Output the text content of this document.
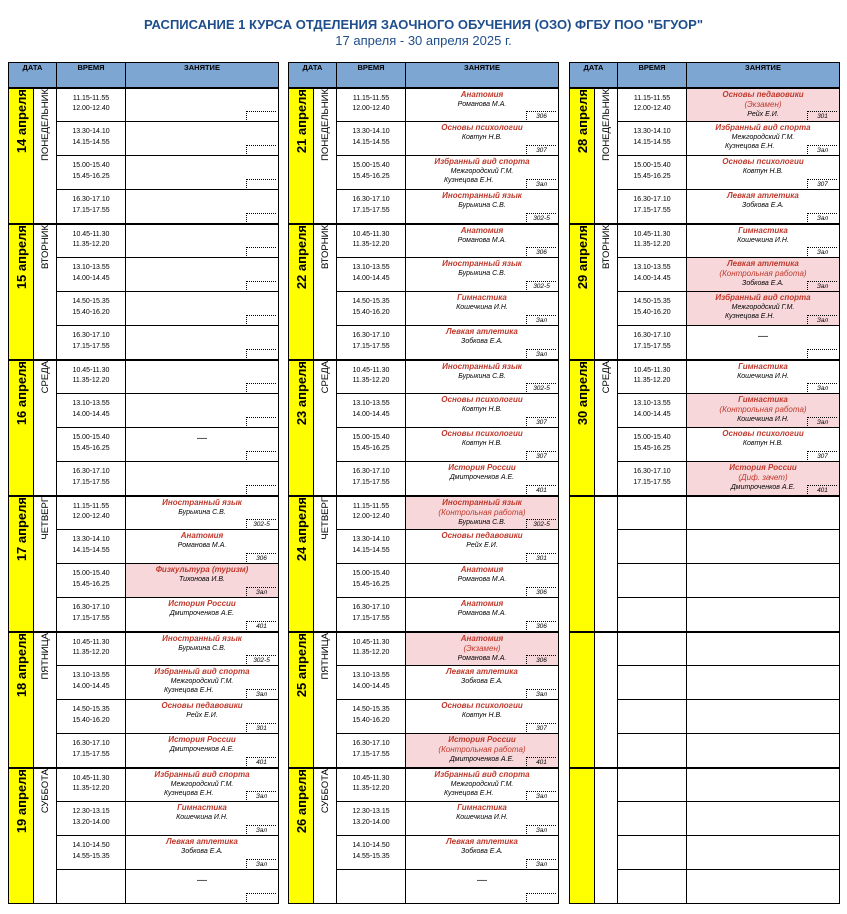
РАСПИСАНИЕ 1 КУРСА ОТДЕЛЕНИЯ ЗАОЧНОГО ОБУЧЕНИЯ (ОЗО) ФГБУ ПОО "БГУОР"
17 апреля - 30 апреля 2025 г.
ДАТА		ВРЕМЯ	ЗАНЯТИЕ
14 апреля	ПОНЕДЕЛЬНИК	11.15-11.55
12.00-12.40	

		13.30-14.10
14.15-14.55	

		15.00-15.40
15.45-16.25	

		16.30-17.10
17.15-17.55	

15 апреля	ВТОРНИК	10.45-11.30
11.35-12.20	

		13.10-13.55
14.00-14.45	

		14.50-15.35
15.40-16.20	

		16.30-17.10
17.15-17.55	

16 апреля	СРЕДА	10.45-11.30
11.35-12.20	

		13.10-13.55
14.00-14.45	

		15.00-15.40
15.45-16.25	—

		16.30-17.10
17.15-17.55	

17 апреля	ЧЕТВЕРГ	11.15-11.55
12.00-12.40	Иностранный язык
Бурыкина С.В.
302-5

		13.30-14.10
14.15-14.55	Анатомия
Романова М.А.
306

		15.00-15.40
15.45-16.25	Физкультура (туризм)
Тихонова И.В.
Зал

		16.30-17.10
17.15-17.55	История России
Дмитроченков А.Е.
401

18 апреля	ПЯТНИЦА	10.45-11.30
11.35-12.20	Иностранный язык
Бурыкина С.В.
302-5

		13.10-13.55
14.00-14.45	Избранный вид спорта
Межгородский Г.М.
Кузнецова Е.Н.
Зал

		14.50-15.35
15.40-16.20	Основы педавовики
Рейх Е.И.
301

		16.30-17.10
17.15-17.55	История России
Дмитроченков А.Е.
401

19 апреля	СУББОТА	10.45-11.30
11.35-12.20	Избранный вид спорта
Межгородский Г.М.
Кузнецова Е.Н. Зал

		12.30-13.15
13.20-14.00	Гимнастика
Кошечкина И.Н.
Зал

		14.10-14.50
14.55-15.35	Левкая атлетика
Зобкова Е.А.
Зал

			—
ДАТА		ВРЕМЯ	ЗАНЯТИЕ
21 апреля	ПОНЕДЕЛЬНИК	11.15-11.55
12.00-12.40	Анатомия
Романова М.А.
306

		13.30-14.10
14.15-14.55	Основы психологии
Ковтун Н.В.
307

		15.00-15.40
15.45-16.25	Избранный вид спорта
Межгородский Г.М.
Кузнецова Е.Н.
Зал

		16.30-17.10
17.15-17.55	Иностранный язык
Бурыкина С.В.
302-5

22 апреля	ВТОРНИК	10.45-11.30
11.35-12.20	Анатомия
Романова М.А.
306

		13.10-13.55
14.00-14.45	Иностранный язык
Бурыкина С.В.
302-5

		14.50-15.35
15.40-16.20	Гимнастика
Кошечкина И.Н.
Зал

		16.30-17.10
17.15-17.55	Левкая атлетика
Зобкова Е.А.
Зал

23 апреля	СРЕДА	10.45-11.30
11.35-12.20	Иностранный язык
Бурыкина С.В.
302-5

		13.10-13.55
14.00-14.45	Основы психологии
Ковтун Н.В.
307

		15.00-15.40
15.45-16.25	Основы психологии
Ковтун Н.В.
307

		16.30-17.10
17.15-17.55	История России
Дмитроченков А.Е.
401

24 апреля	ЧЕТВЕРГ	11.15-11.55
12.00-12.40	Иностранный язык
(Контрольная работа)
Бурыкина С.В. 302-5

		13.30-14.10
14.15-14.55	Основы педавовики
Рейх Е.И.
301

		15.00-15.40
15.45-16.25	Анатомия
Романова М.А.
306

		16.30-17.10
17.15-17.55	Анатомия
Романова М.А.
306

25 апреля	ПЯТНИЦА	10.45-11.30
11.35-12.20	Анатомия
(Экзамен)
Романова М.А. 306

		13.10-13.55
14.00-14.45	Левкая атлетика
Зобкова Е.А.
Зал

		14.50-15.35
15.40-16.20	Основы психологии
Ковтун Н.В.
307

		16.30-17.10
17.15-17.55	История России
(Контрольная работа)
Дмитроченков А.Е. 401

26 апреля	СУББОТА	10.45-11.30
11.35-12.20	Избранный вид спорта
Межгородский Г.М.
Кузнецова Е.Н. Зал

		12.30-13.15
13.20-14.00	Гимнастика
Кошечкина И.Н.
Зал

		14.10-14.50
14.55-15.35	Левкая атлетика
Зобкова Е.А.
Зал

			—
ДАТА		ВРЕМЯ	ЗАНЯТИЕ
28 апреля	ПОНЕДЕЛЬНИК	11.15-11.55
12.00-12.40	Основы педавовики
(Экзамен)
Рейх Е.И. 301

		13.30-14.10
14.15-14.55	Избранный вид спорта
Межгородский Г.М.
Кузнецова Е.Н.
Зал

		15.00-15.40
15.45-16.25	Основы психологии
Ковтун Н.В.
307

		16.30-17.10
17.15-17.55	Левкая атлетика
Зобкова Е.А.
Зал

29 апреля	ВТОРНИК	10.45-11.30
11.35-12.20	Гимнастика
Кошечкина И.Н.
Зал

		13.10-13.55
14.00-14.45	Левкая атлетика
(Контрольная работа)
Зобкова Е.А. Зал

		14.50-15.35
15.40-16.20	Избранный вид спорта
Межгородский Г.М.
Кузнецова Е.Н.
Зал

		16.30-17.10
17.15-17.55	—

30 апреля	СРЕДА	10.45-11.30
11.35-12.20	Гимнастика
Кошечкина И.Н.
Зал

		13.10-13.55
14.00-14.45	Гимнастика
(Контрольная работа)
Кошечкина И.Н. Зал

		15.00-15.40
15.45-16.25	Основы психологии
Ковтун Н.В.
307

		16.30-17.10
17.15-17.55	История России
(Диф. зачет)
Дмитроченков А.Е. 401
